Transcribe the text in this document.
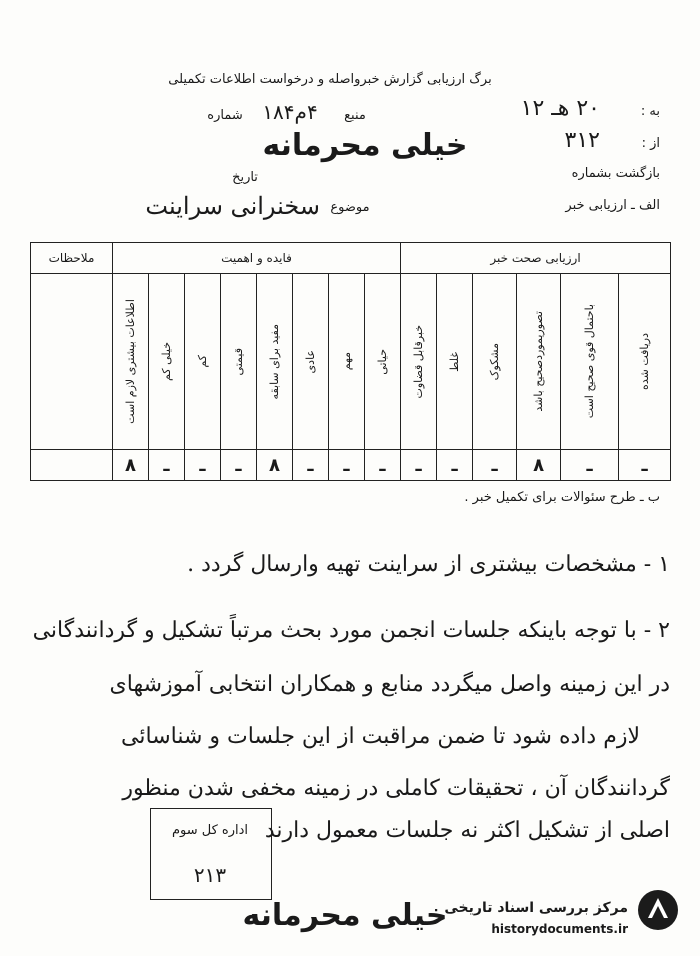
برگ ارزیابی گزارش خبرواصله و درخواست اطلاعات تکمیلی
به :
۲۰ هـ ۱۲
از :
۳۱۲
بازگشت بشماره
الف ـ ارزیابی خبر
منبع
۴م۱۸۴
شماره
خیلی محرمانه
تاریخ
موضوع
سخنرانی سراینت
ارزیابی صحت خبر						فایده و اهمیت								ملاحظات

دریافت شده	باحتمال قوی صحیح است	تصوریموردصحیح باشد	مشکوک	غلط	خبرقابل قضاوت	حیاتی	مهم	عادی	مفید برای سابقه	قیمتی	کم	خیلی کم	اطلاعات بیشتری لازم است	

ـ	ـ	۸	ـ	ـ	ـ	ـ	ـ	ـ	۸	ـ	ـ	ـ	۸	
ب ـ طرح سئوالات برای تکمیل خبر .
۱ - مشخصات بیشتری از سراینت تهیه وارسال گردد .
۲ - با توجه باینکه جلسات انجمن مورد بحث مرتباً تشکیل و گردانندگانی
در این زمینه واصل میگردد منابع و همکاران انتخابی آموزشهای
لازم داده شود تا ضمن مراقبت از این جلسات و شناسائی
گردانندگان آن ، تحقیقات کاملی در زمینه مخفی شدن منظور
اصلی از تشکیل اکثر نه جلسات معمول دارند
اداره کل سوم
۲۱۳
خیلی محرمانه
مرکز بررسی اسناد تاریخی
historydocuments.ir
